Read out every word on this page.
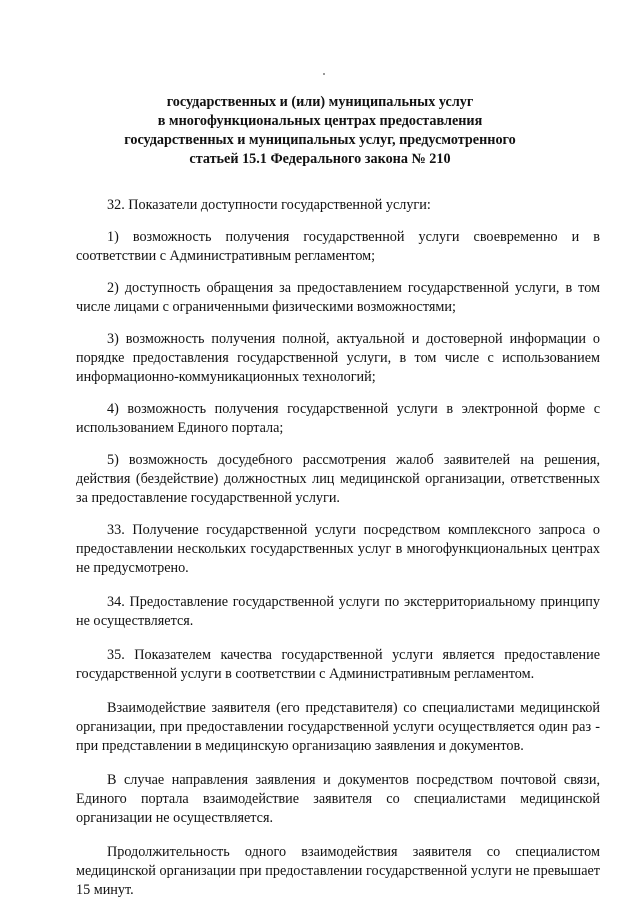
государственных и (или) муниципальных услуг
в многофункциональных центрах предоставления
государственных и муниципальных услуг, предусмотренного
статьей 15.1 Федерального закона № 210

32. Показатели доступности государственной услуги:

1) возможность получения государственной услуги своевременно и в соответствии с Административным регламентом;

2) доступность обращения за предоставлением государственной услуги, в том числе лицами с ограниченными физическими возможностями;

3) возможность получения полной, актуальной и достоверной информации о порядке предоставления государственной услуги, в том числе с использованием информационно-коммуникационных технологий;

4) возможность получения государственной услуги в электронной форме с использованием Единого портала;

5) возможность досудебного рассмотрения жалоб заявителей на решения, действия (бездействие) должностных лиц медицинской организации, ответственных за предоставление государственной услуги.

33. Получение государственной услуги посредством комплексного запроса о предоставлении нескольких государственных услуг в многофункциональных центрах не предусмотрено.

34. Предоставление государственной услуги по экстерриториальному принципу не осуществляется.

35. Показателем качества государственной услуги является предоставление государственной услуги в соответствии с Административным регламентом.

Взаимодействие заявителя (его представителя) со специалистами медицинской организации, при предоставлении государственной услуги осуществляется один раз - при представлении в медицинскую организацию заявления и документов.

В случае направления заявления и документов посредством почтовой связи, Единого портала взаимодействие заявителя со специалистами медицинской организации не осуществляется.

Продолжительность одного взаимодействия заявителя со специалистом медицинской организации при предоставлении государственной услуги не превышает 15 минут.
